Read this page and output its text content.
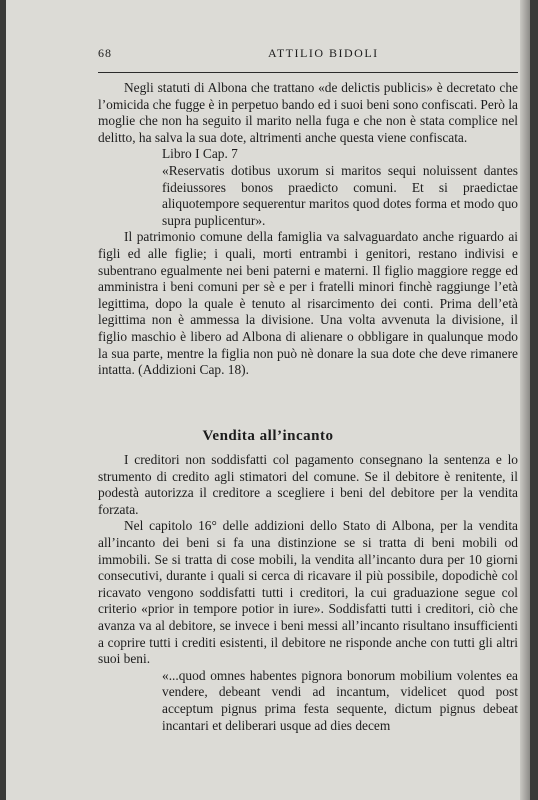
68	ATTILIO BIDOLI

Negli statuti di Albona che trattano «de delictis publicis» è decretato che l’omicida che fugge è in perpetuo bando ed i suoi beni sono confiscati. Però la moglie che non ha seguito il marito nella fuga e che non è stata complice nel delitto, ha salva la sua dote, altrimenti anche questa viene confiscata.

Libro I Cap. 7

«Reservatis dotibus uxorum si maritos sequi noluissent dantes fideiussores bonos praedicto comuni. Et si praedictae aliquotempore sequerentur maritos quod dotes forma et modo quo supra puplicentur».

Il patrimonio comune della famiglia va salvaguardato anche riguardo ai figli ed alle figlie; i quali, morti entrambi i genitori, restano indivisi e subentrano egualmente nei beni paterni e materni. Il figlio maggiore regge ed amministra i beni comuni per sè e per i fratelli minori finchè raggiunge l’età legittima, dopo la quale è tenuto al risarcimento dei conti. Prima dell’età legittima non è ammessa la divisione. Una volta avvenuta la divisione, il figlio maschio è libero ad Albona di alienare o obbligare in qualunque modo la sua parte, mentre la figlia non può nè donare la sua dote che deve rimanere intatta. (Addizioni Cap. 18).

Vendita all’incanto

I creditori non soddisfatti col pagamento consegnano la sentenza e lo strumento di credito agli stimatori del comune. Se il debitore è renitente, il podestà autorizza il creditore a scegliere i beni del debitore per la vendita forzata.

Nel capitolo 16° delle addizioni dello Stato di Albona, per la vendita all’incanto dei beni si fa una distinzione se si tratta di beni mobili od immobili. Se si tratta di cose mobili, la vendita all’incanto dura per 10 giorni consecutivi, durante i quali si cerca di ricavare il più possibile, dopodichè col ricavato vengono soddisfatti tutti i creditori, la cui graduazione segue col criterio «prior in tempore potior in iure». Soddisfatti tutti i creditori, ciò che avanza va al debitore, se invece i beni messi all’incanto risultano insufficienti a coprire tutti i crediti esistenti, il debitore ne risponde anche con tutti gli altri suoi beni.

«...quod omnes habentes pignora bonorum mobilium volentes ea vendere, debeant vendi ad incantum, videlicet quod post acceptum pignus prima festa sequente, dictum pignus debeat incantari et deliberari usque ad dies decem
